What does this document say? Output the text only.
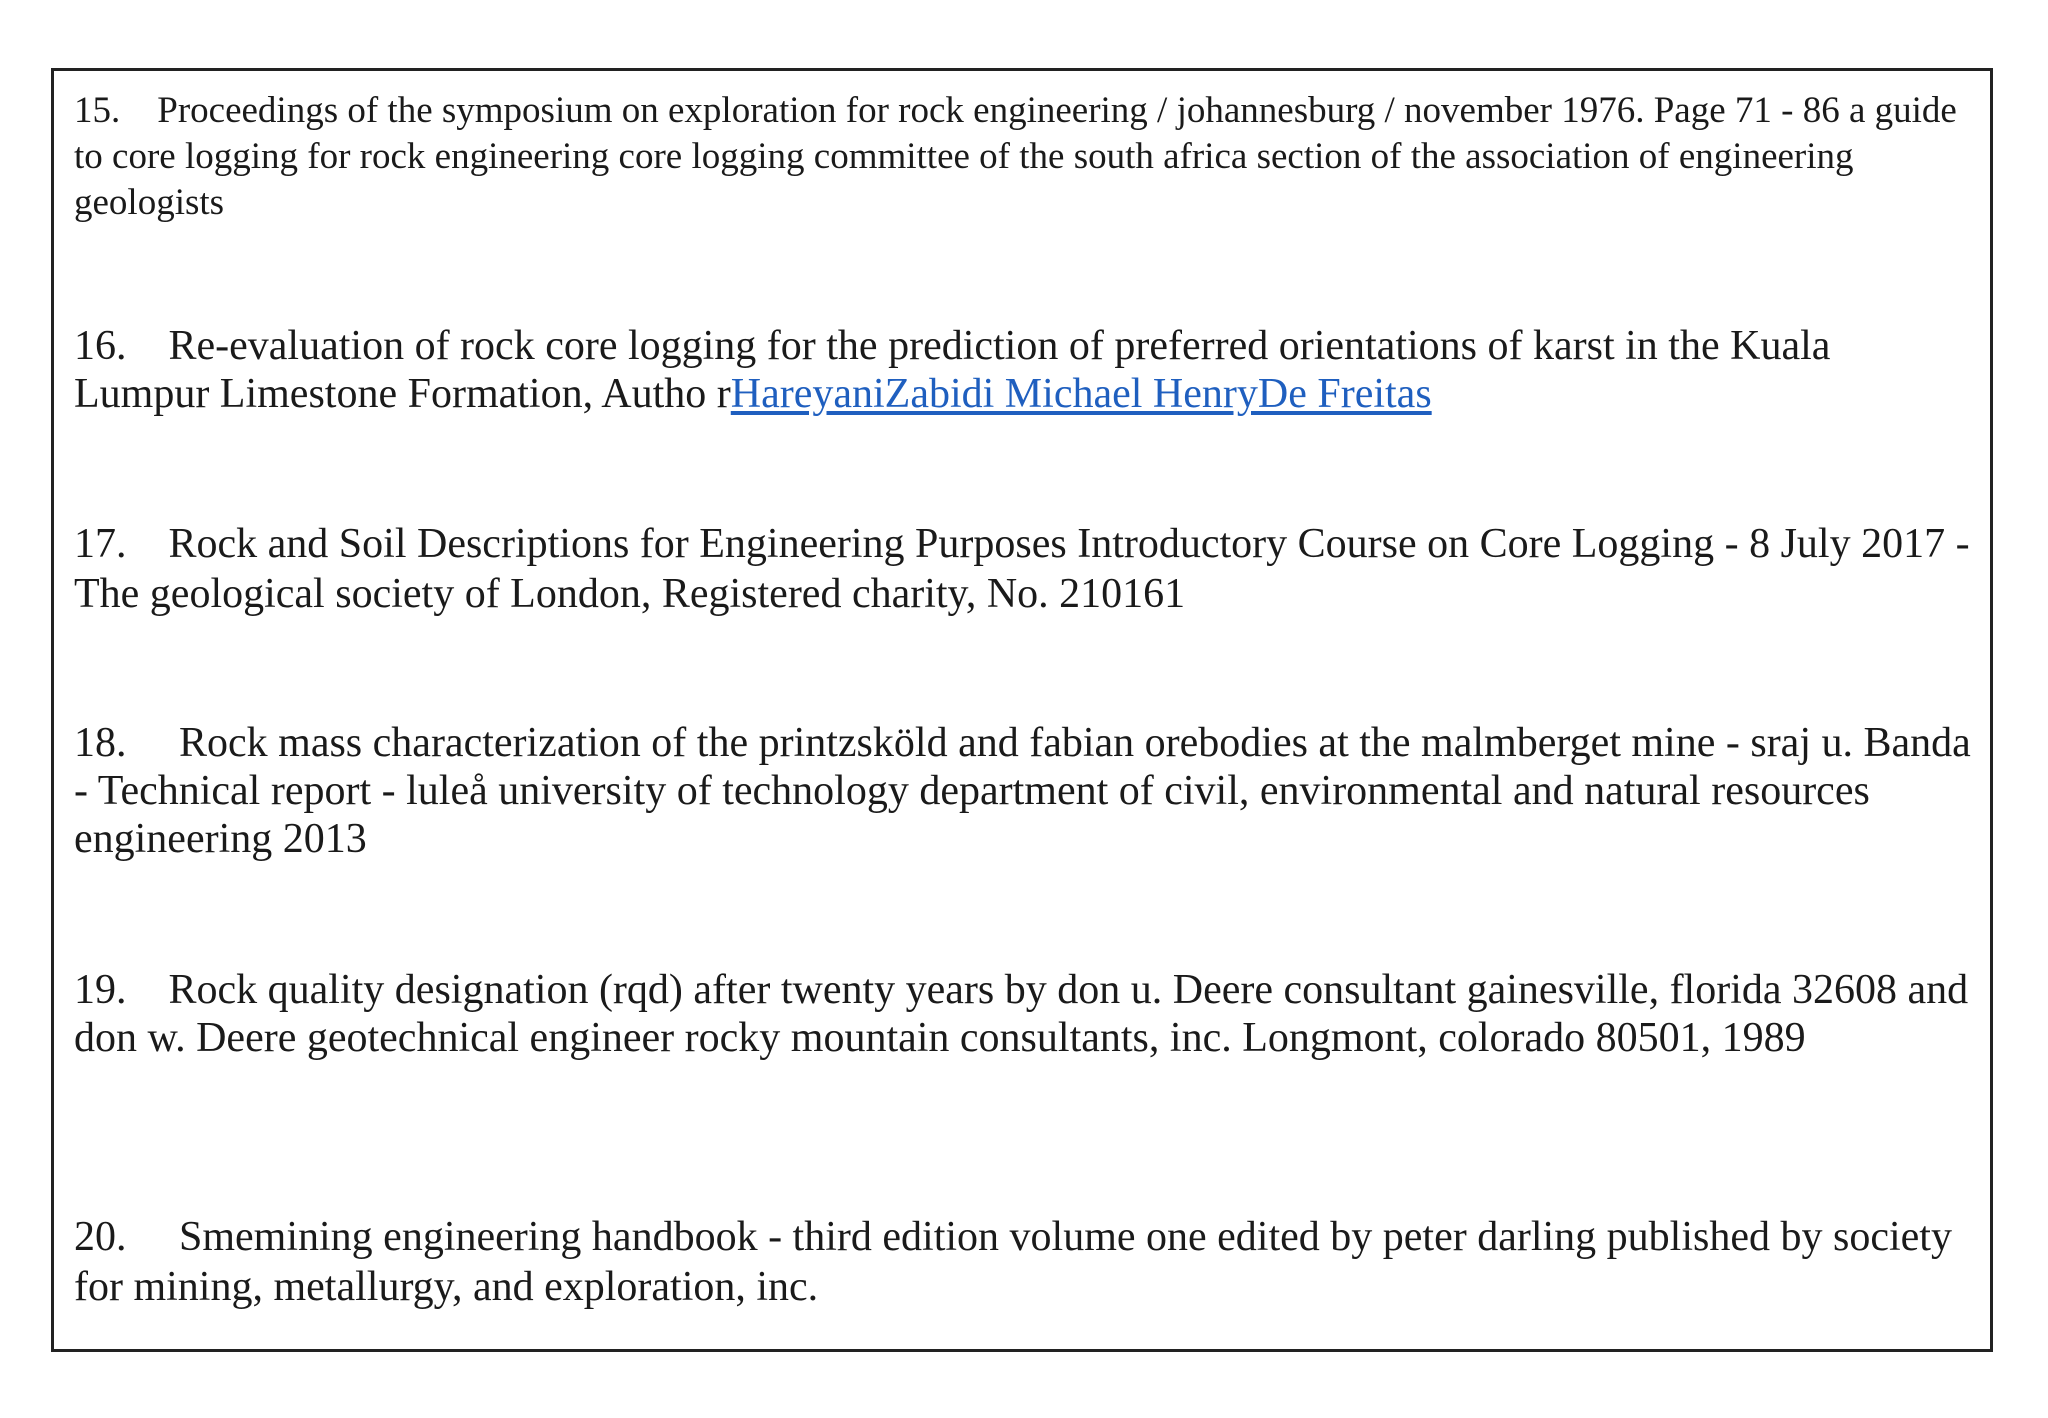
15. Proceedings of the symposium on exploration for rock engineering / johannesburg / november 1976. Page 71 - 86 a guide to core logging for rock engineering core logging committee of the south africa section of the association of engineering geologists

16. Re-evaluation of rock core logging for the prediction of preferred orientations of karst in the Kuala Lumpur Limestone Formation, Autho rHareyaniZabidi Michael HenryDe Freitas

17. Rock and Soil Descriptions for Engineering Purposes Introductory Course on Core Logging - 8 July 2017 - The geological society of London, Registered charity, No. 210161

18. Rock mass characterization of the printzsköld and fabian orebodies at the malmberget mine - sraj u. Banda - Technical report - luleå university of technology department of civil, environmental and natural resources engineering 2013

19. Rock quality designation (rqd) after twenty years by don u. Deere consultant gainesville, florida 32608 and don w. Deere geotechnical engineer rocky mountain consultants, inc. Longmont, colorado 80501, 1989

20. Smemining engineering handbook - third edition volume one edited by peter darling published by society for mining, metallurgy, and exploration, inc.
